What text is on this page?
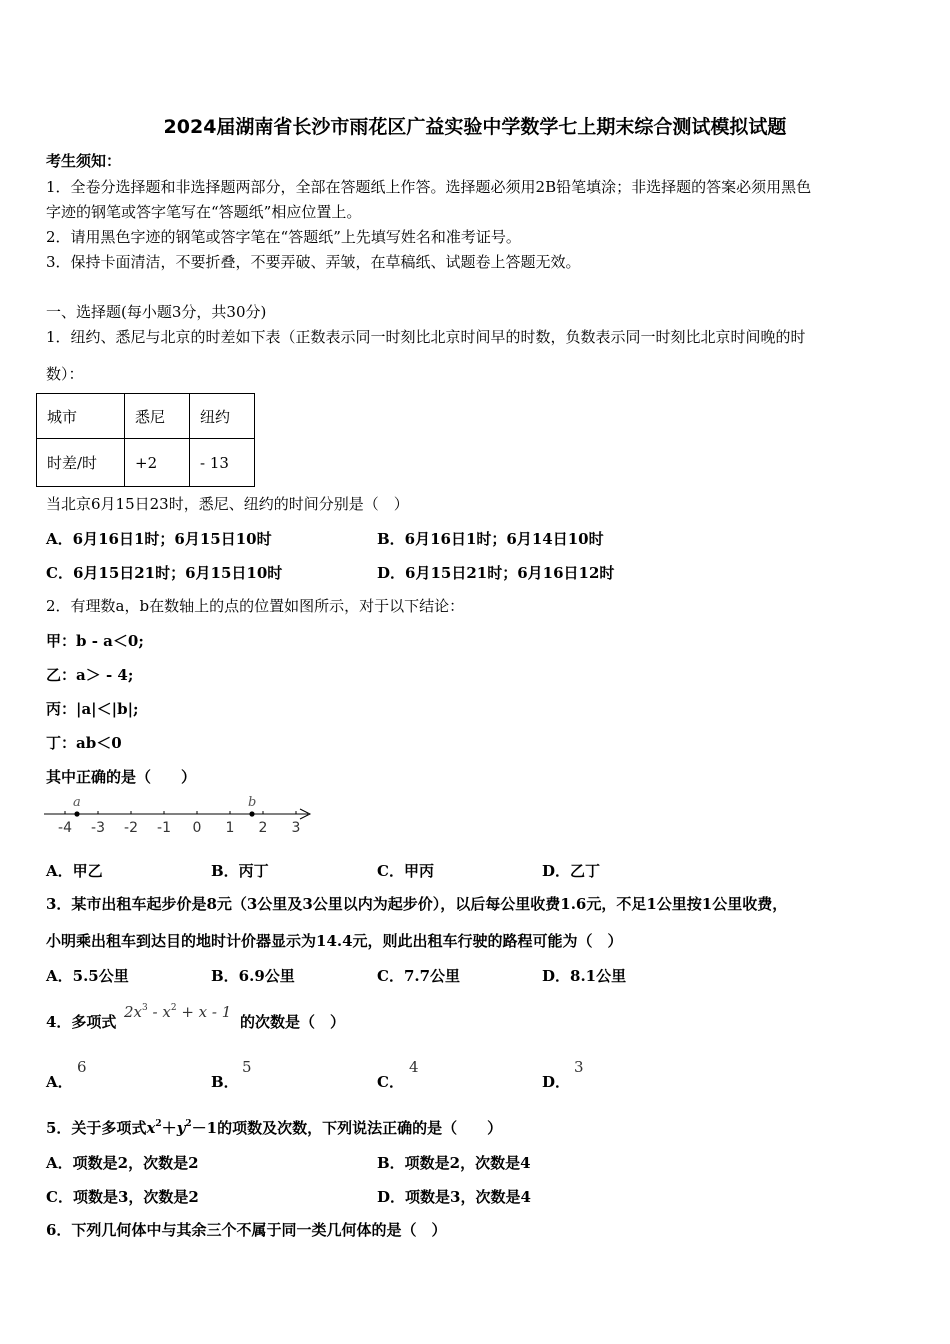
2024届湖南省长沙市雨花区广益实验中学数学七上期末综合测试模拟试题
考生须知：
1．全卷分选择题和非选择题两部分，全部在答题纸上作答。选择题必须用2B铅笔填涂；非选择题的答案必须用黑色
字迹的钢笔或答字笔写在“答题纸”相应位置上。
2．请用黑色字迹的钢笔或答字笔在“答题纸”上先填写姓名和准考证号。
3．保持卡面清洁，不要折叠，不要弄破、弄皱，在草稿纸、试题卷上答题无效。
一、选择题(每小题3分，共30分)
1．纽约、悉尼与北京的时差如下表（正数表示同一时刻比北京时间早的时数，负数表示同一时刻比北京时间晚的时
数）：
城市	悉尼	纽约
时差/时	+2	- 13
当北京6月15日23时，悉尼、纽约的时间分别是（　）
A．6月16日1时；6月15日10时	B．6月16日1时；6月14日10时
C．6月15日21时；6月15日10时	D．6月15日21时；6月16日12时
2．有理数a，b在数轴上的点的位置如图所示，对于以下结论：
甲：b - a＜0;
乙：a＞ - 4;
丙：|a|＜|b|;
丁：ab＜0
其中正确的是（　　）
-4 -3 -2 -1 0 1 2 3
a	b
A．甲乙	B．丙丁	C．甲丙	D．乙丁
3．某市出租车起步价是8元（3公里及3公里以内为起步价），以后每公里收费1.6元，不足1公里按1公里收费，
小明乘出租车到达目的地时计价器显示为14.4元，则此出租车行驶的路程可能为（　）
A．5.5公里	B．6.9公里	C．7.7公里	D．8.1公里
4．多项式
$2x^3 - x^2 + x - 1$
的次数是（　）
A．
6
B．
5
C．
4
D．
3
5．关于多项式$x^2+y^2-1$的项数及次数，下列说法正确的是（　　）
A．项数是2，次数是2	B．项数是2，次数是4
C．项数是3，次数是2	D．项数是3，次数是4
6．下列几何体中与其余三个不属于同一类几何体的是（　）
